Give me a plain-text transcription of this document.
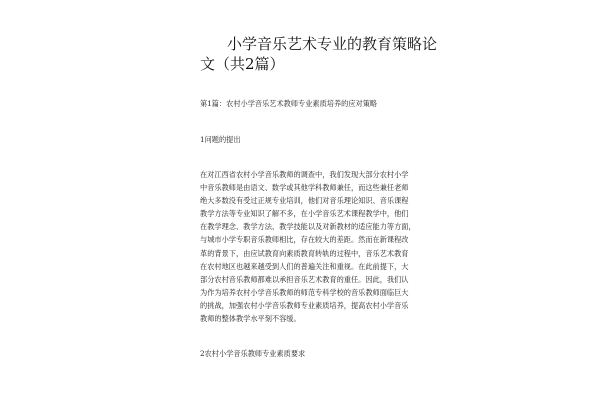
小学音乐艺术专业的教育策略论
文（共2篇）
第1篇：农村小学音乐艺术教师专业素质培养的应对策略
1问题的提出

在对江西省农村小学音乐教师的调查中，我们发现大部分农村小学
中音乐教师是由语文、数学或其他学科教师兼任，而这些兼任老师
绝大多数没有受过正规专业培训，他们对音乐理论知识、音乐课程
教学方法等专业知识了解不多，在小学音乐艺术课程教学中，他们
在教学理念、教学方法、教学技能以及对新教材的适应能力等方面，
与城市小学专职音乐教师相比，存在较大的差距。然而在新课程改
革的背景下，由应试教育向素质教育转轨的过程中，音乐艺术教育
在农村地区也越来越受到人们的普遍关注和重视。在此前提下，大
部分农村音乐教师都难以承担音乐艺术教育的重任。因此，我们认
为作为培养农村小学音乐教师的师范专科学校的音乐教师面临巨大
的挑战，加强农村小学音乐教师专业素质培养，提高农村小学音乐
教师的整体教学水平刻不容缓。

2农村小学音乐教师专业素质要求
